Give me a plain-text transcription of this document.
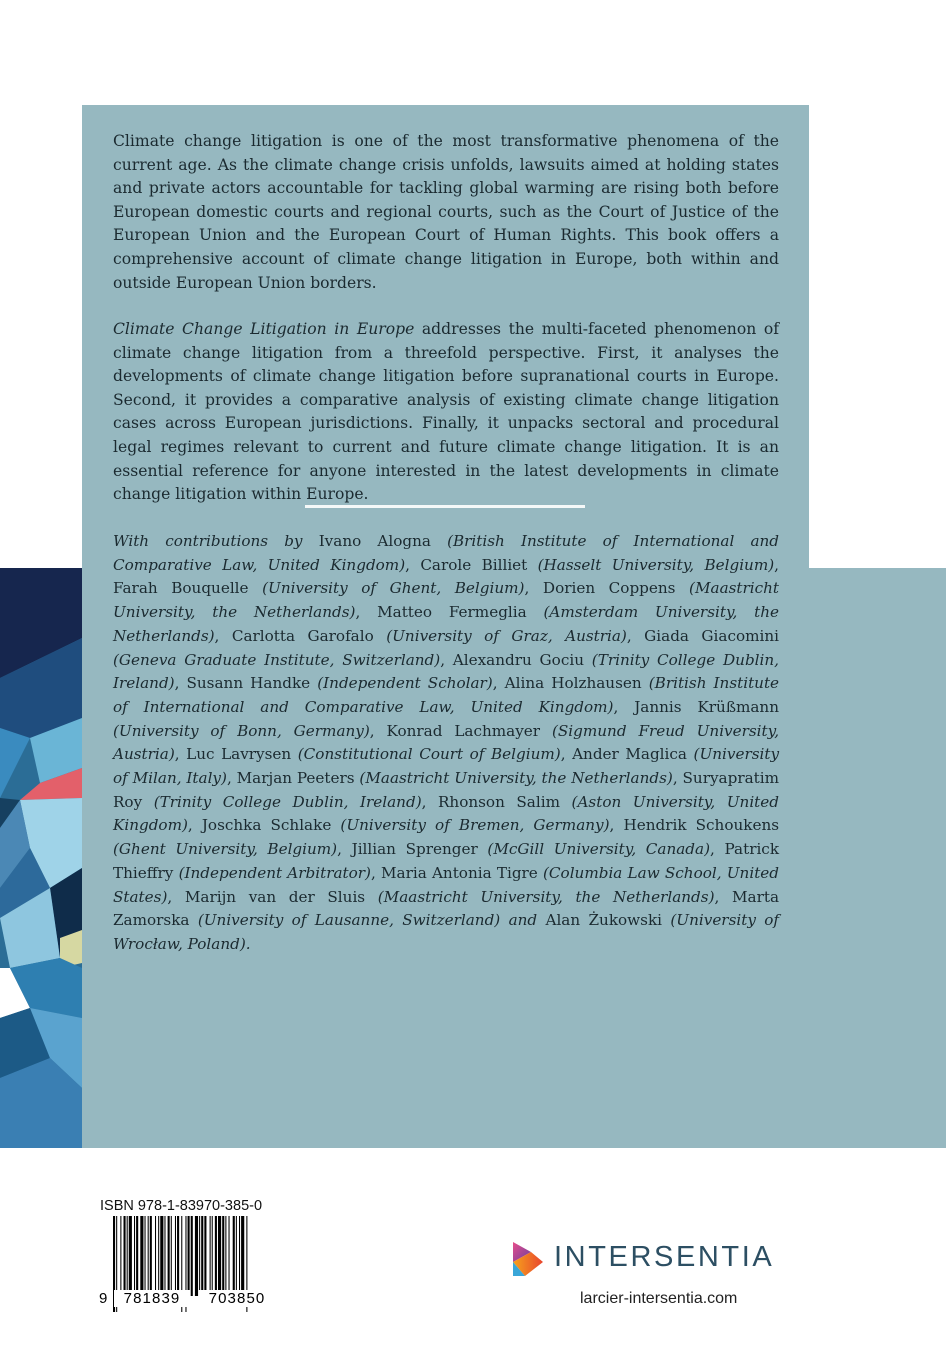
Climate change litigation is one of the most transformative phenomena of the current age. As the climate change crisis unfolds, lawsuits aimed at holding states and private actors accountable for tackling global warming are rising both before European domestic courts and regional courts, such as the Court of Justice of the European Union and the European Court of Human Rights. This book offers a comprehensive account of climate change litigation in Europe, both within and outside European Union borders.

Climate Change Litigation in Europe addresses the multi-faceted phenomenon of climate change litigation from a threefold perspective. First, it analyses the developments of climate change litigation before supranational courts in Europe. Second, it provides a comparative analysis of existing climate change litigation cases across European jurisdictions. Finally, it unpacks sectoral and procedural legal regimes relevant to current and future climate change litigation. It is an essential reference for anyone interested in the latest developments in climate change litigation within Europe.

With contributions by Ivano Alogna (British Institute of International and Comparative Law, United Kingdom), Carole Billiet (Hasselt University, Belgium), Farah Bouquelle (University of Ghent, Belgium), Dorien Coppens (Maastricht University, the Netherlands), Matteo Fermeglia (Amsterdam University, the Netherlands), Carlotta Garofalo (University of Graz, Austria), Giada Giacomini (Geneva Graduate Institute, Switzerland), Alexandru Gociu (Trinity College Dublin, Ireland), Susann Handke (Independent Scholar), Alina Holzhausen (British Institute of International and Comparative Law, United Kingdom), Jannis Krüßmann (University of Bonn, Germany), Konrad Lachmayer (Sigmund Freud University, Austria), Luc Lavrysen (Constitutional Court of Belgium), Ander Maglica (University of Milan, Italy), Marjan Peeters (Maastricht University, the Netherlands), Suryapratim Roy (Trinity College Dublin, Ireland), Rhonson Salim (Aston University, United Kingdom), Joschka Schlake (University of Bremen, Germany), Hendrik Schoukens (Ghent University, Belgium), Jillian Sprenger (McGill University, Canada), Patrick Thieffry (Independent Arbitrator), Maria Antonia Tigre (Columbia Law School, United States), Marijn van der Sluis (Maastricht University, the Netherlands), Marta Zamorska (University of Lausanne, Switzerland) and Alan Żukowski (University of Wrocław, Poland).

ISBN 978-1-83970-385-0
9	781839	703850
INTERSENTIA
larcier-intersentia.com
